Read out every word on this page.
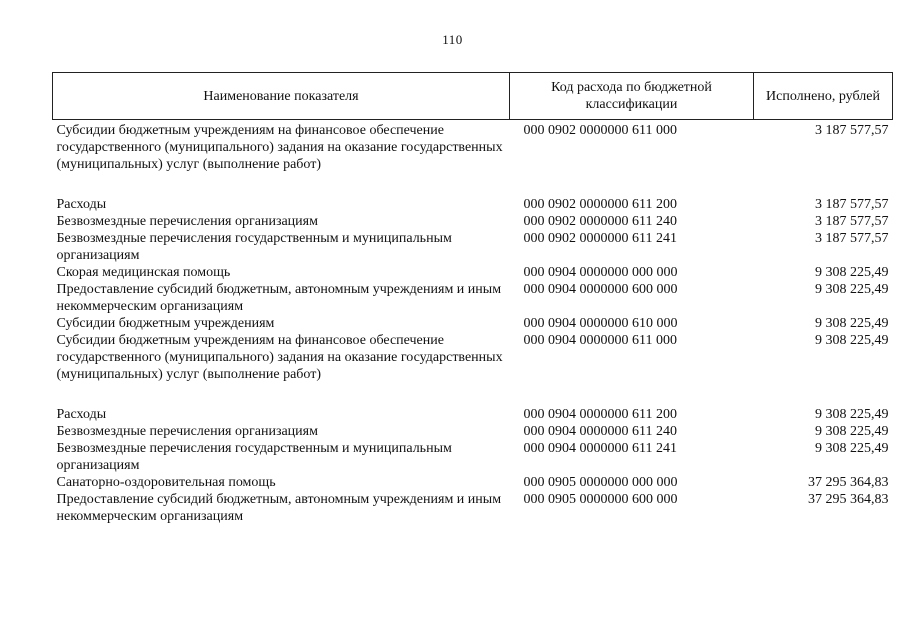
110
Наименование показателя	Код расхода по бюджетной классификации	Исполнено, рублей
Субсидии бюджетным учреждениям на финансовое обеспечение государственного (муниципального) задания на оказание государственных (муниципальных) услуг (выполнение работ)	000 0902 0000000 611 000	3 187 577,57

Расходы	000 0902 0000000 611 200	3 187 577,57
Безвозмездные перечисления организациям	000 0902 0000000 611 240	3 187 577,57
Безвозмездные перечисления государственным и муниципальным организациям	000 0902 0000000 611 241	3 187 577,57
Скорая медицинская помощь	000 0904 0000000 000 000	9 308 225,49
Предоставление субсидий бюджетным, автономным учреждениям и иным некоммерческим организациям	000 0904 0000000 600 000	9 308 225,49
Субсидии бюджетным учреждениям	000 0904 0000000 610 000	9 308 225,49
Субсидии бюджетным учреждениям на финансовое обеспечение государственного (муниципального) задания на оказание государственных (муниципальных) услуг (выполнение работ)	000 0904 0000000 611 000	9 308 225,49

Расходы	000 0904 0000000 611 200	9 308 225,49
Безвозмездные перечисления организациям	000 0904 0000000 611 240	9 308 225,49
Безвозмездные перечисления государственным и муниципальным организациям	000 0904 0000000 611 241	9 308 225,49
Санаторно-оздоровительная помощь	000 0905 0000000 000 000	37 295 364,83
Предоставление субсидий бюджетным, автономным учреждениям и иным некоммерческим организациям	000 0905 0000000 600 000	37 295 364,83
